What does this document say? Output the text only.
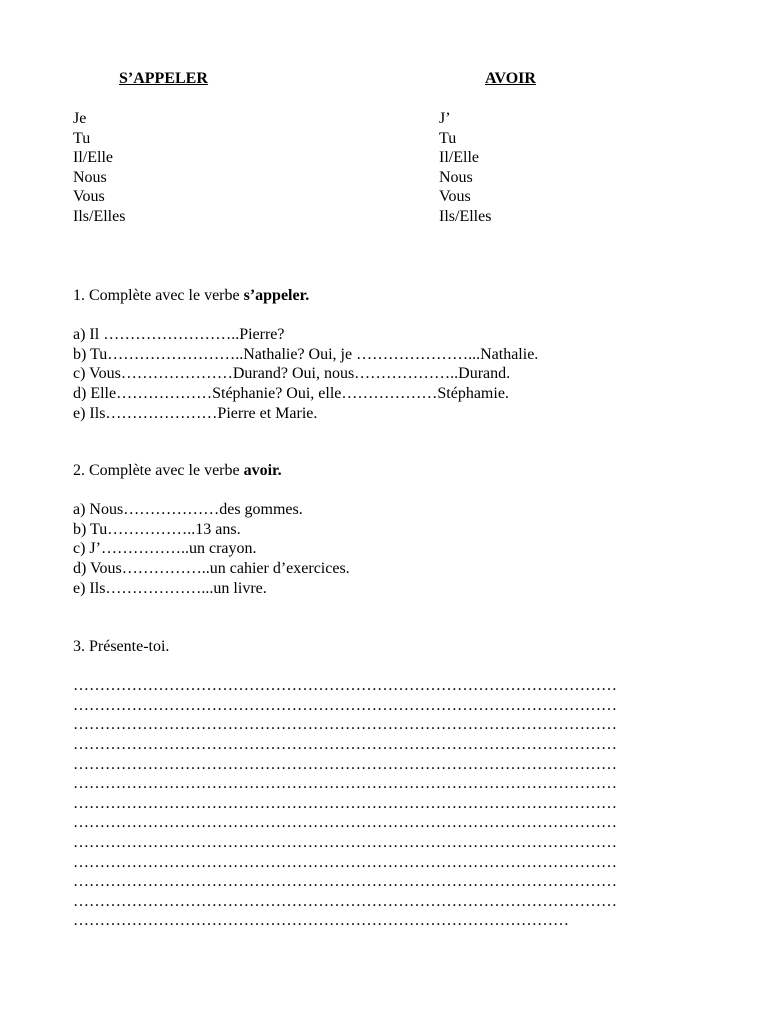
S’APPELER	AVOIR
Je
Tu
Il/Elle
Nous
Vous
Ils/Elles
J’
Tu
Il/Elle
Nous
Vous
Ils/Elles
1. Complète avec le verbe s’appeler.
a) Il ……………………..Pierre?
b) Tu……………………..Nathalie? Oui, je …………………...Nathalie.
c) Vous…………………Durand? Oui, nous………………..Durand.
d) Elle………………Stéphanie? Oui, elle………………Stéphamie.
e) Ils…………………Pierre et Marie.
2. Complète avec le verbe avoir.
a) Nous………………des gommes.
b) Tu……………..13 ans.
c) J’……………..un crayon.
d) Vous……………..un cahier d’exercices.
e) Ils………………...un livre.
3. Présente-toi.
…………………………………………………………………………………………
…………………………………………………………………………………………
…………………………………………………………………………………………
…………………………………………………………………………………………
…………………………………………………………………………………………
…………………………………………………………………………………………
…………………………………………………………………………………………
…………………………………………………………………………………………
…………………………………………………………………………………………
…………………………………………………………………………………………
…………………………………………………………………………………………
…………………………………………………………………………………………
…………………………………………………………………………………
